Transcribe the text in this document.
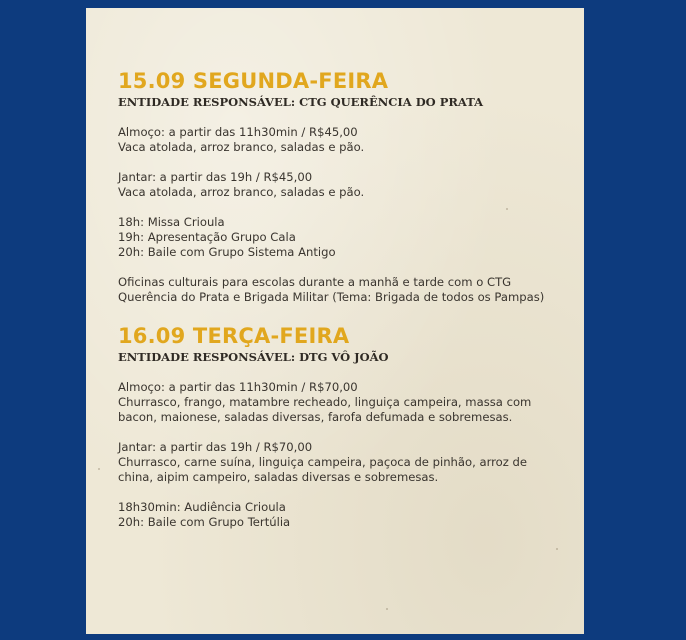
15.09 SEGUNDA-FEIRA
ENTIDADE RESPONSÁVEL: CTG QUERÊNCIA DO PRATA
Almoço: a partir das 11h30min / R$45,00
Vaca atolada, arroz branco, saladas e pão.
Jantar: a partir das 19h / R$45,00
Vaca atolada, arroz branco, saladas e pão.
18h: Missa Crioula
19h: Apresentação Grupo Cala
20h: Baile com Grupo Sistema Antigo
Oficinas culturais para escolas durante a manhã e tarde com o CTG Querência do Prata e Brigada Militar (Tema: Brigada de todos os Pampas)
16.09 TERÇA-FEIRA
ENTIDADE RESPONSÁVEL: DTG VÔ JOÃO
Almoço: a partir das 11h30min / R$70,00
Churrasco, frango, matambre recheado, linguiça campeira, massa com bacon, maionese, saladas diversas, farofa defumada e sobremesas.
Jantar: a partir das 19h / R$70,00
Churrasco, carne suína, linguiça campeira, paçoca de pinhão, arroz de china, aipim campeiro, saladas diversas e sobremesas.
18h30min: Audiência Crioula
20h: Baile com Grupo Tertúlia
